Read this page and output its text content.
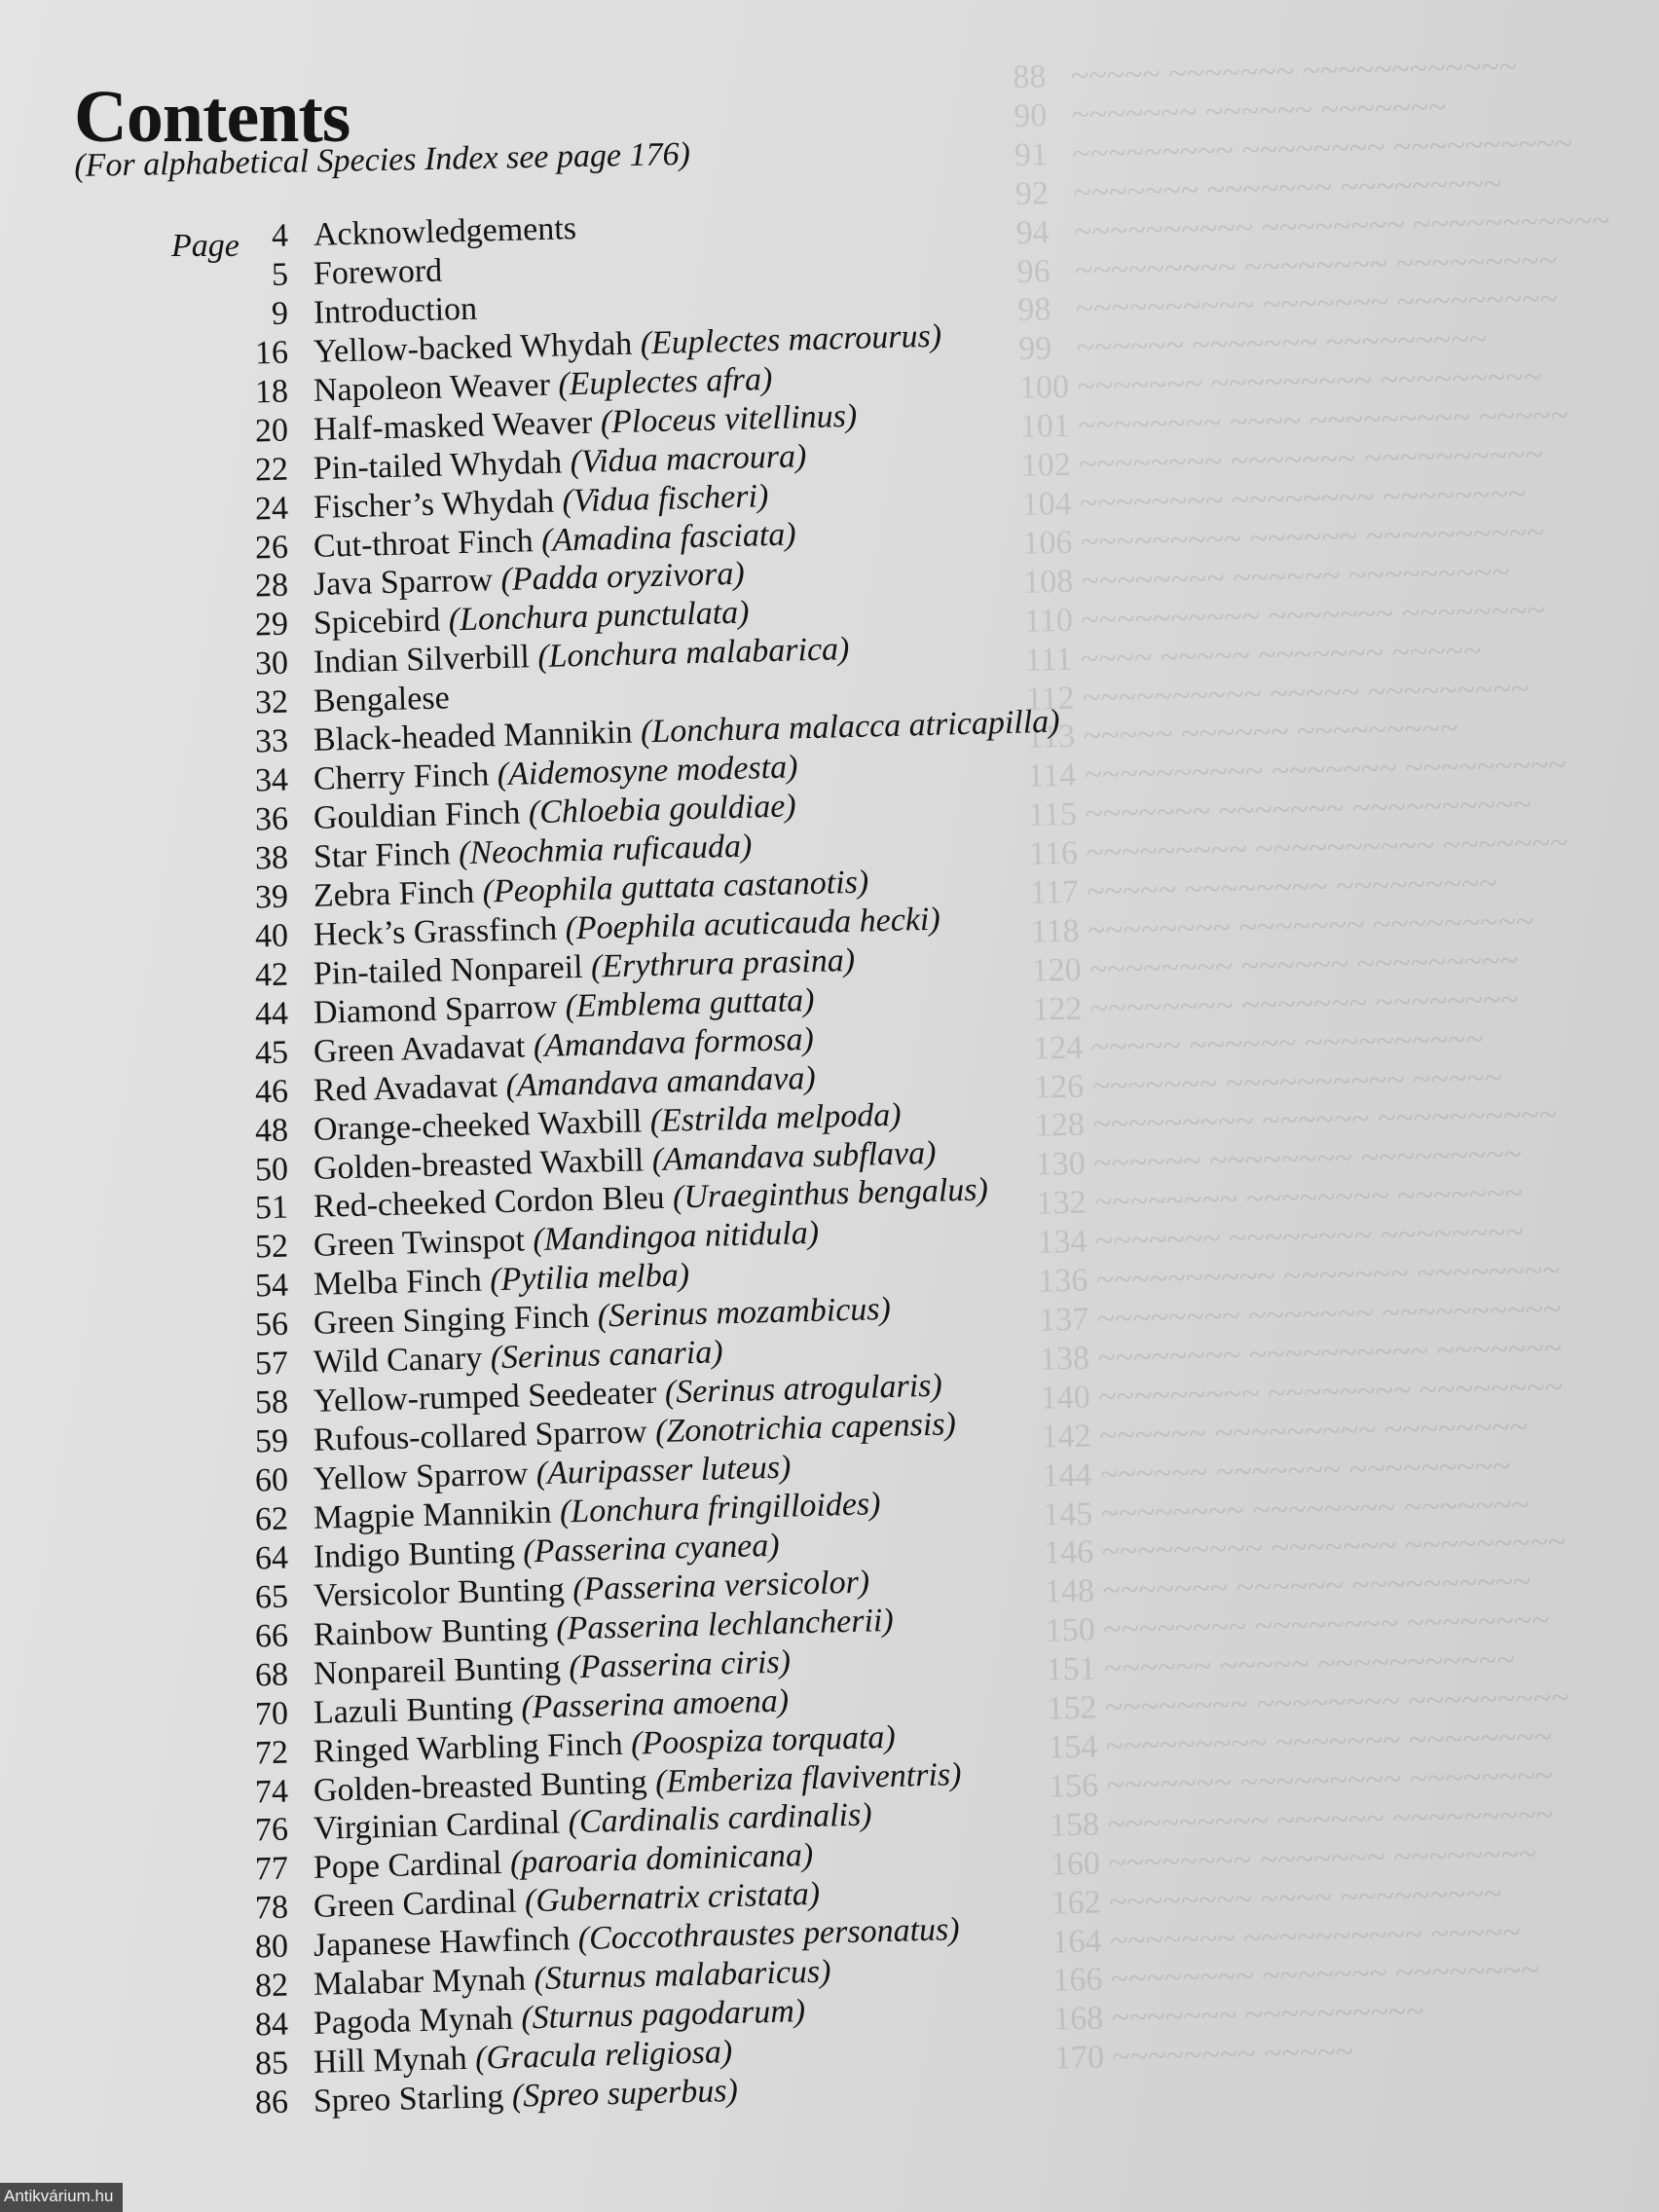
88   ~~~~~ ~~~~~~~ ~~~~~~~~~~~~
90   ~~~~~~~ ~~~~~~ ~~~~~~~
91   ~~~~~~~~~ ~~~~~~~~ ~~~~~~~~~~
92   ~~~~~~~ ~~~~~~~ ~~~~~~~~~
94   ~~~~~~~~~~ ~~~~~~~~ ~~~~~~~~~~~
96   ~~~~~~~~~ ~~~~~~~~ ~~~~~~~~~
98   ~~~~~~~~~~ ~~~~~~~ ~~~~~~~~~
99   ~~~~~~ ~~~~~~~ ~~~~~~~~~
100 ~~~~~~~ ~~~~~~~~~ ~~~~~~~~~
101 ~~~~~~~~ ~~~~ ~~~~~~~~~ ~~~~~
102 ~~~~~~~~ ~~~~~~~ ~~~~~~~~~~
104 ~~~~~~~~ ~~~~~~~~ ~~~~~~~~
106 ~~~~~~~~~ ~~~~~~ ~~~~~~~~~~
108 ~~~~~~~~ ~~~~~~ ~~~~~~~~~
110 ~~~~~~~~~~ ~~~~~~~ ~~~~~~~~
111 ~~~~ ~~~~~ ~~~~~~~ ~~~~~
112 ~~~~~~~~~~ ~~~~~ ~~~~~~~~~
113 ~~~~~ ~~~~~~ ~~~~~~~~~
114 ~~~~~~~~~~ ~~~~~~~ ~~~~~~~~~
115 ~~~~~~~ ~~~~~~~ ~~~~~~~~~~
116 ~~~~~~~~~ ~~~~~~~~~~ ~~~~~~~
117 ~~~~~ ~~~~~~~~ ~~~~~~~~~
118 ~~~~~~~~ ~~~~~~~ ~~~~~~~~~
120 ~~~~~~~~ ~~~~~~ ~~~~~~~~~
122 ~~~~~~~~ ~~~~~~~ ~~~~~~~~
124 ~~~~~ ~~~~~~ ~~~~~~~~~~
126 ~~~~~~~ ~~~~~~~~~~ ~~~~~
128 ~~~~~~~~~ ~~~~~~ ~~~~~~~~~~
130 ~~~~~~ ~~~~~~~~ ~~~~~~~~~
132 ~~~~~~~~ ~~~~~~~~ ~~~~~~~
134 ~~~~~~~ ~~~~~~~~ ~~~~~~~~
136 ~~~~~~~~~~ ~~~~~~~ ~~~~~~~~
137 ~~~~~~~~ ~~~~~~~ ~~~~~~~~~~
138 ~~~~~~~~ ~~~~~~~~~~ ~~~~~~~
140 ~~~~~~~~~ ~~~~~~~~ ~~~~~~~~
142 ~~~~~~ ~~~~~~~~~ ~~~~~~~~
144 ~~~~~~ ~~~~~~~ ~~~~~~~~~
145 ~~~~~~~~ ~~~~~~~~ ~~~~~~~
146 ~~~~~~~~~ ~~~~~~~ ~~~~~~~~~
148 ~~~~~~~ ~~~~~~ ~~~~~~~~~~
150 ~~~~~~~~ ~~~~~~~~ ~~~~~~~~
151 ~~~~~~ ~~~~~ ~~~~~~~~~~~
152 ~~~~~~~~ ~~~~~~~~ ~~~~~~~~~
154 ~~~~~~~~~ ~~~~~~~ ~~~~~~~~
156 ~~~~~~~ ~~~~~~~~~ ~~~~~~~~
158 ~~~~~~~~~ ~~~~~~ ~~~~~~~~~
160 ~~~~~~~~ ~~~~~~~ ~~~~~~~~
162 ~~~~~~~~ ~~~~ ~~~~~~~~~
164 ~~~~~~~ ~~~~~~~~~~ ~~~~~
166 ~~~~~~~~ ~~~~~~~ ~~~~~~~~
168 ~~~~~~~ ~~~~~~~~~~
170 ~~~~~~~~ ~~~~~
Contents

(For alphabetical Species Index see page 176)

Page 4 Acknowledgements
5 Foreword
9 Introduction
16 Yellow-backed Whydah (Euplectes macrourus)
18 Napoleon Weaver (Euplectes afra)
20 Half-masked Weaver (Ploceus vitellinus)
22 Pin-tailed Whydah (Vidua macroura)
24 Fischer’s Whydah (Vidua fischeri)
26 Cut-throat Finch (Amadina fasciata)
28 Java Sparrow (Padda oryzivora)
29 Spicebird (Lonchura punctulata)
30 Indian Silverbill (Lonchura malabarica)
32 Bengalese
33 Black-headed Mannikin (Lonchura malacca atricapilla)
34 Cherry Finch (Aidemosyne modesta)
36 Gouldian Finch (Chloebia gouldiae)
38 Star Finch (Neochmia ruficauda)
39 Zebra Finch (Peophila guttata castanotis)
40 Heck’s Grassfinch (Poephila acuticauda hecki)
42 Pin-tailed Nonpareil (Erythrura prasina)
44 Diamond Sparrow (Emblema guttata)
45 Green Avadavat (Amandava formosa)
46 Red Avadavat (Amandava amandava)
48 Orange-cheeked Waxbill (Estrilda melpoda)
50 Golden-breasted Waxbill (Amandava subflava)
51 Red-cheeked Cordon Bleu (Uraeginthus bengalus)
52 Green Twinspot (Mandingoa nitidula)
54 Melba Finch (Pytilia melba)
56 Green Singing Finch (Serinus mozambicus)
57 Wild Canary (Serinus canaria)
58 Yellow-rumped Seedeater (Serinus atrogularis)
59 Rufous-collared Sparrow (Zonotrichia capensis)
60 Yellow Sparrow (Auripasser luteus)
62 Magpie Mannikin (Lonchura fringilloides)
64 Indigo Bunting (Passerina cyanea)
65 Versicolor Bunting (Passerina versicolor)
66 Rainbow Bunting (Passerina lechlancherii)
68 Nonpareil Bunting (Passerina ciris)
70 Lazuli Bunting (Passerina amoena)
72 Ringed Warbling Finch (Poospiza torquata)
74 Golden-breasted Bunting (Emberiza flaviventris)
76 Virginian Cardinal (Cardinalis cardinalis)
77 Pope Cardinal (paroaria dominicana)
78 Green Cardinal (Gubernatrix cristata)
80 Japanese Hawfinch (Coccothraustes personatus)
82 Malabar Mynah (Sturnus malabaricus)
84 Pagoda Mynah (Sturnus pagodarum)
85 Hill Mynah (Gracula religiosa)
86 Spreo Starling (Spreo superbus)
Antikvárium.hu
